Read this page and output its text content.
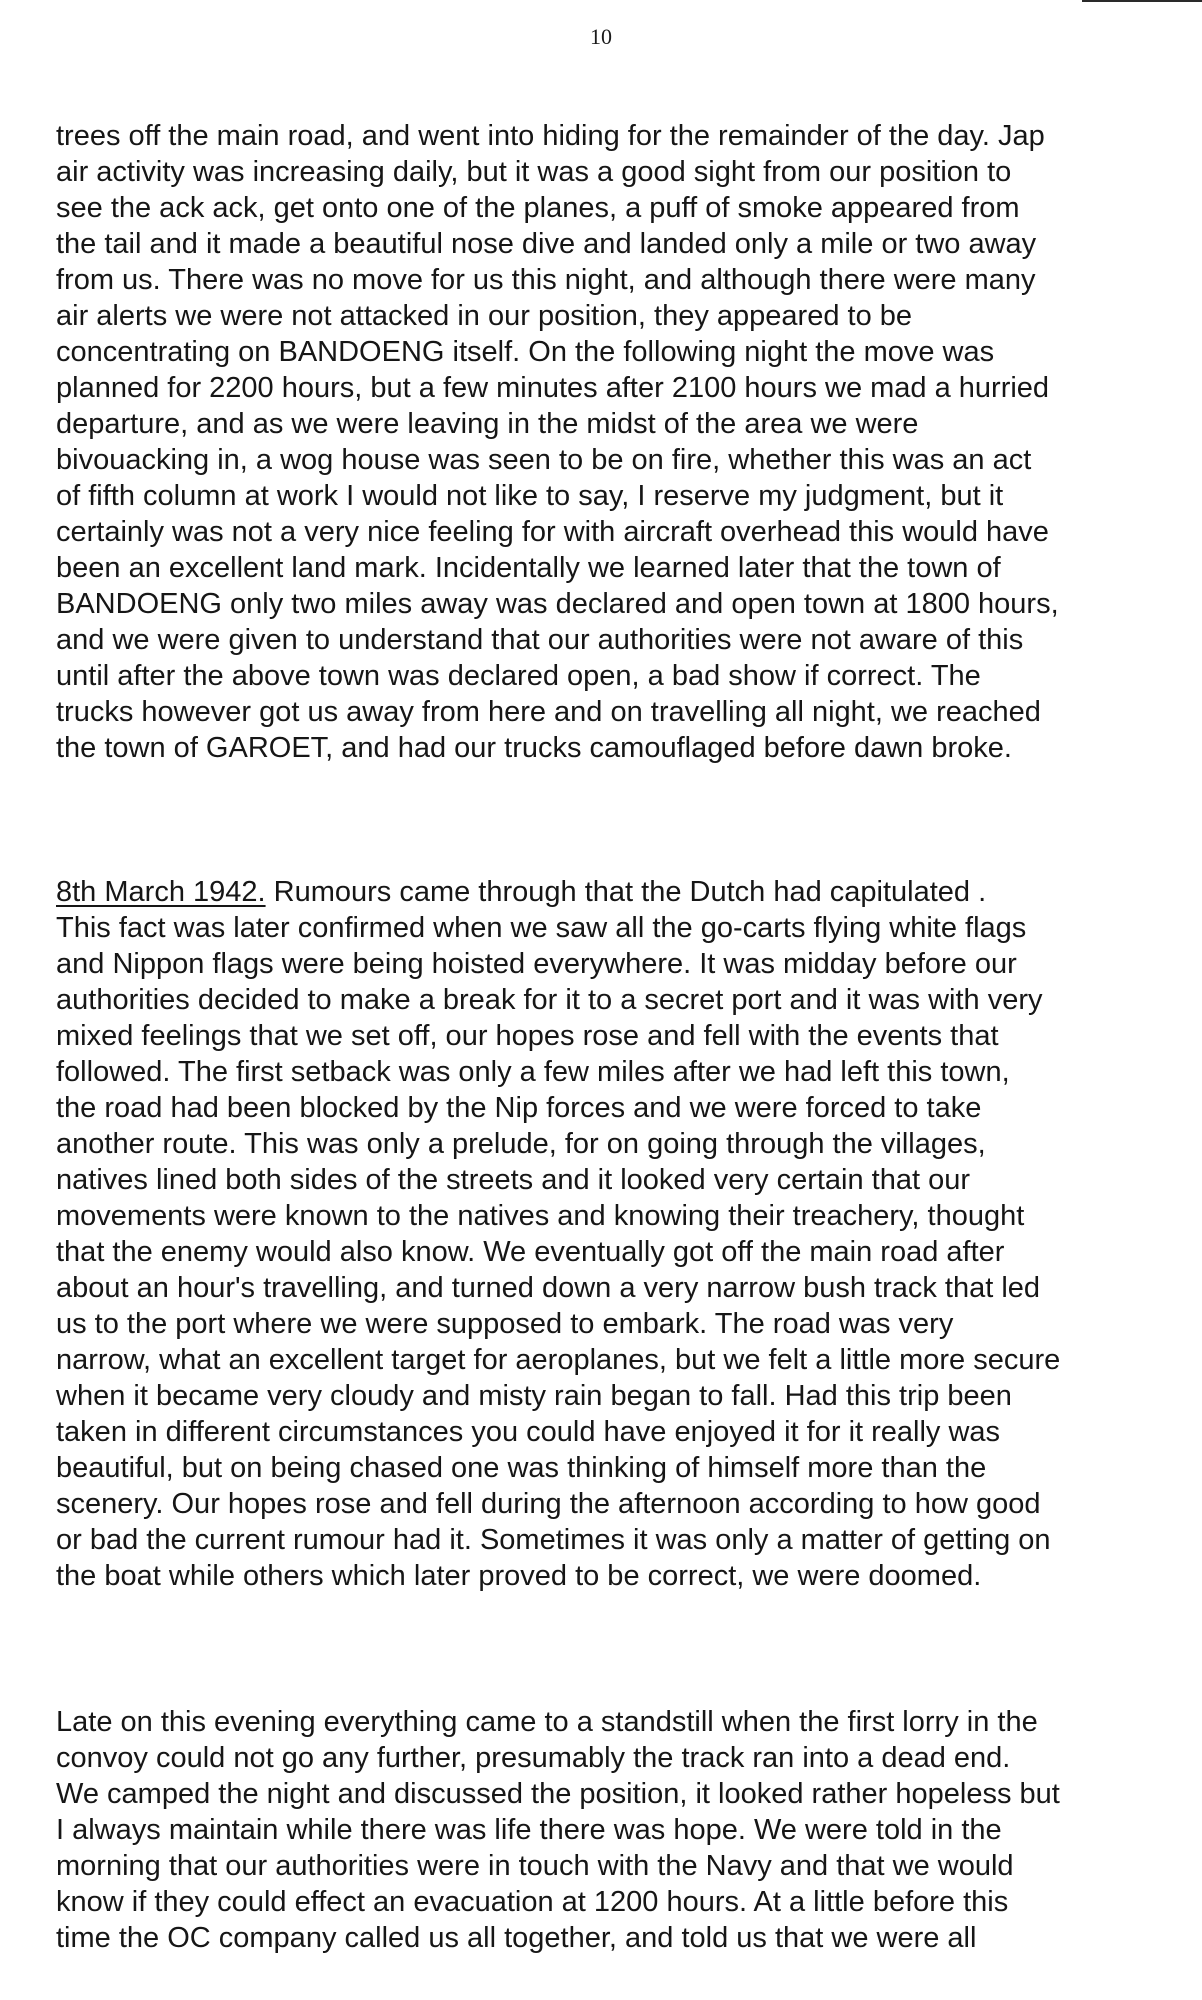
10

trees off the main road, and went into hiding for the remainder of the day. Jap
air activity was increasing daily, but it was a good sight from our position to
see the ack ack, get onto one of the planes, a puff of smoke appeared from
the tail and it made a beautiful nose dive and landed only a mile or two away
from us. There was no move for us this night, and although there were many
air alerts we were not attacked in our position, they appeared to be
concentrating on BANDOENG itself. On the following night the move was
planned for 2200 hours, but a few minutes after 2100 hours we mad a hurried
departure, and as we were leaving in the midst of the area we were
bivouacking in, a wog house was seen to be on fire, whether this was an act
of fifth column at work I would not like to say, I reserve my judgment, but it
certainly was not a very nice feeling for with aircraft overhead this would have
been an excellent land mark. Incidentally we learned later that the town of
BANDOENG only two miles away was declared and open town at 1800 hours,
and we were given to understand that our authorities were not aware of this
until after the above town was declared open, a bad show if correct. The
trucks however got us away from here and on travelling all night, we reached
the town of GAROET, and had our trucks camouflaged before dawn broke.

8th March 1942. Rumours came through that the Dutch had capitulated .
This fact was later confirmed when we saw all the go-carts flying white flags
and Nippon flags were being hoisted everywhere. It was midday before our
authorities decided to make a break for it to a secret port and it was with very
mixed feelings that we set off, our hopes rose and fell with the events that
followed. The first setback was only a few miles after we had left this town,
the road had been blocked by the Nip forces and we were forced to take
another route. This was only a prelude, for on going through the villages,
natives lined both sides of the streets and it looked very certain that our
movements were known to the natives and knowing their treachery, thought
that the enemy would also know. We eventually got off the main road after
about an hour's travelling, and turned down a very narrow bush track that led
us to the port where we were supposed to embark. The road was very
narrow, what an excellent target for aeroplanes, but we felt a little more secure
when it became very cloudy and misty rain began to fall. Had this trip been
taken in different circumstances you could have enjoyed it for it really was
beautiful, but on being chased one was thinking of himself more than the
scenery. Our hopes rose and fell during the afternoon according to how good
or bad the current rumour had it. Sometimes it was only a matter of getting on
the boat while others which later proved to be correct, we were doomed.

Late on this evening everything came to a standstill when the first lorry in the
convoy could not go any further, presumably the track ran into a dead end.
We camped the night and discussed the position, it looked rather hopeless but
I always maintain while there was life there was hope. We were told in the
morning that our authorities were in touch with the Navy and that we would
know if they could effect an evacuation at 1200 hours. At a little before this
time the OC company called us all together, and told us that we were all
